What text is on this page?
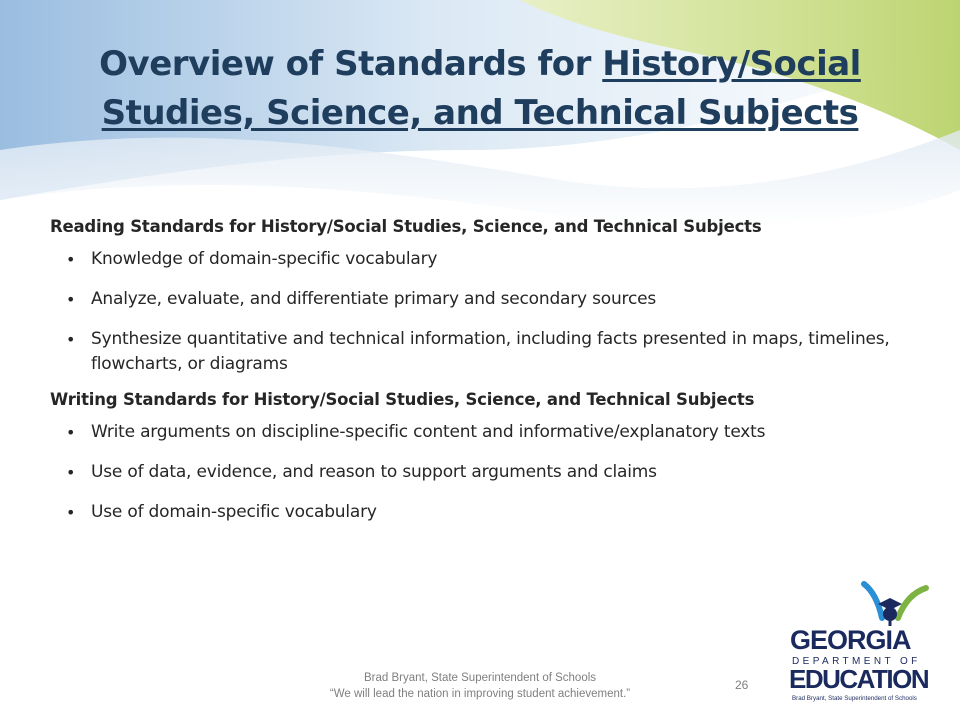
Overview of Standards for History/Social
Studies, Science, and Technical Subjects
Reading Standards for History/Social Studies, Science, and Technical Subjects
• Knowledge of domain-specific vocabulary
• Analyze, evaluate, and differentiate primary and secondary sources
• Synthesize quantitative and technical information, including facts presented in maps, timelines, flowcharts, or diagrams
Writing Standards for History/Social Studies, Science, and Technical Subjects
• Write arguments on discipline-specific content and informative/explanatory texts
• Use of data, evidence, and reason to support arguments and claims
• Use of domain-specific vocabulary
Brad Bryant, State Superintendent of Schools
“We will lead the nation in improving student achievement.”
26
GEORGIA
DEPARTMENT OF
EDUCATION
Brad Bryant, State Superintendent of Schools
